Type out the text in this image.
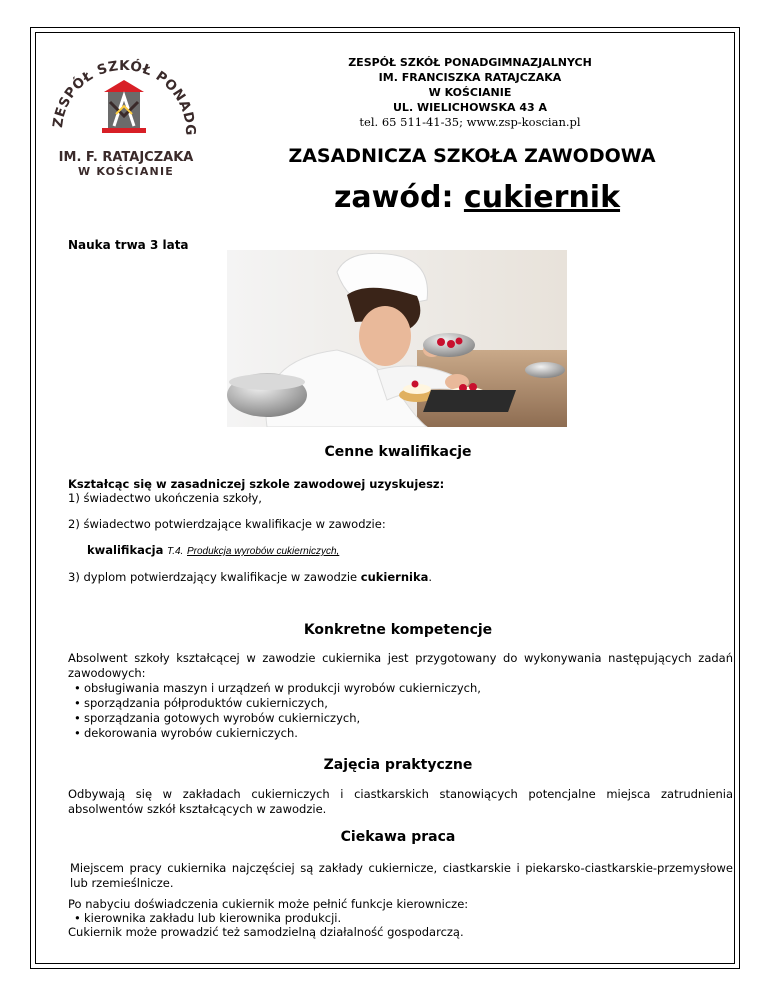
ZESPÓŁ SZKÓŁ PONADG
IM. F. RATAJCZAKA
W KOŚCIANIE
ZESPÓŁ SZKÓŁ PONADGIMNAZJALNYCH
IM. FRANCISZKA RATAJCZAKA
W KOŚCIANIE
UL. WIELICHOWSKA 43 A
tel. 65 511-41-35; www.zsp-koscian.pl
ZASADNICZA SZKOŁA ZAWODOWA
zawód: cukiernik
Nauka trwa 3 lata
Cenne kwalifikacje
Kształcąc się w zasadniczej szkole zawodowej uzyskujesz:
1) świadectwo ukończenia szkoły,
2) świadectwo potwierdzające kwalifikacje w zawodzie:
kwalifikacja T.4. Produkcja wyrobów cukierniczych,
3) dyplom potwierdzający kwalifikacje w zawodzie cukiernika.
Konkretne kompetencje
Absolwent szkoły kształcącej w zawodzie cukiernika jest przygotowany do wykonywania następujących zadań zawodowych:
• obsługiwania maszyn i urządzeń w produkcji wyrobów cukierniczych,
• sporządzania półproduktów cukierniczych,
• sporządzania gotowych wyrobów cukierniczych,
• dekorowania wyrobów cukierniczych.
Zajęcia praktyczne
Odbywają się w zakładach cukierniczych i ciastkarskich stanowiących potencjalne miejsca zatrudnienia absolwentów szkół kształcących w zawodzie.
Ciekawa praca
Miejscem pracy cukiernika najczęściej są zakłady cukiernicze, ciastkarskie i piekarsko-ciastkarskie-przemysłowe lub rzemieślnicze.
Po nabyciu doświadczenia cukiernik może pełnić funkcje kierownicze:
• kierownika zakładu lub kierownika produkcji.
Cukiernik może prowadzić też samodzielną działalność gospodarczą.
